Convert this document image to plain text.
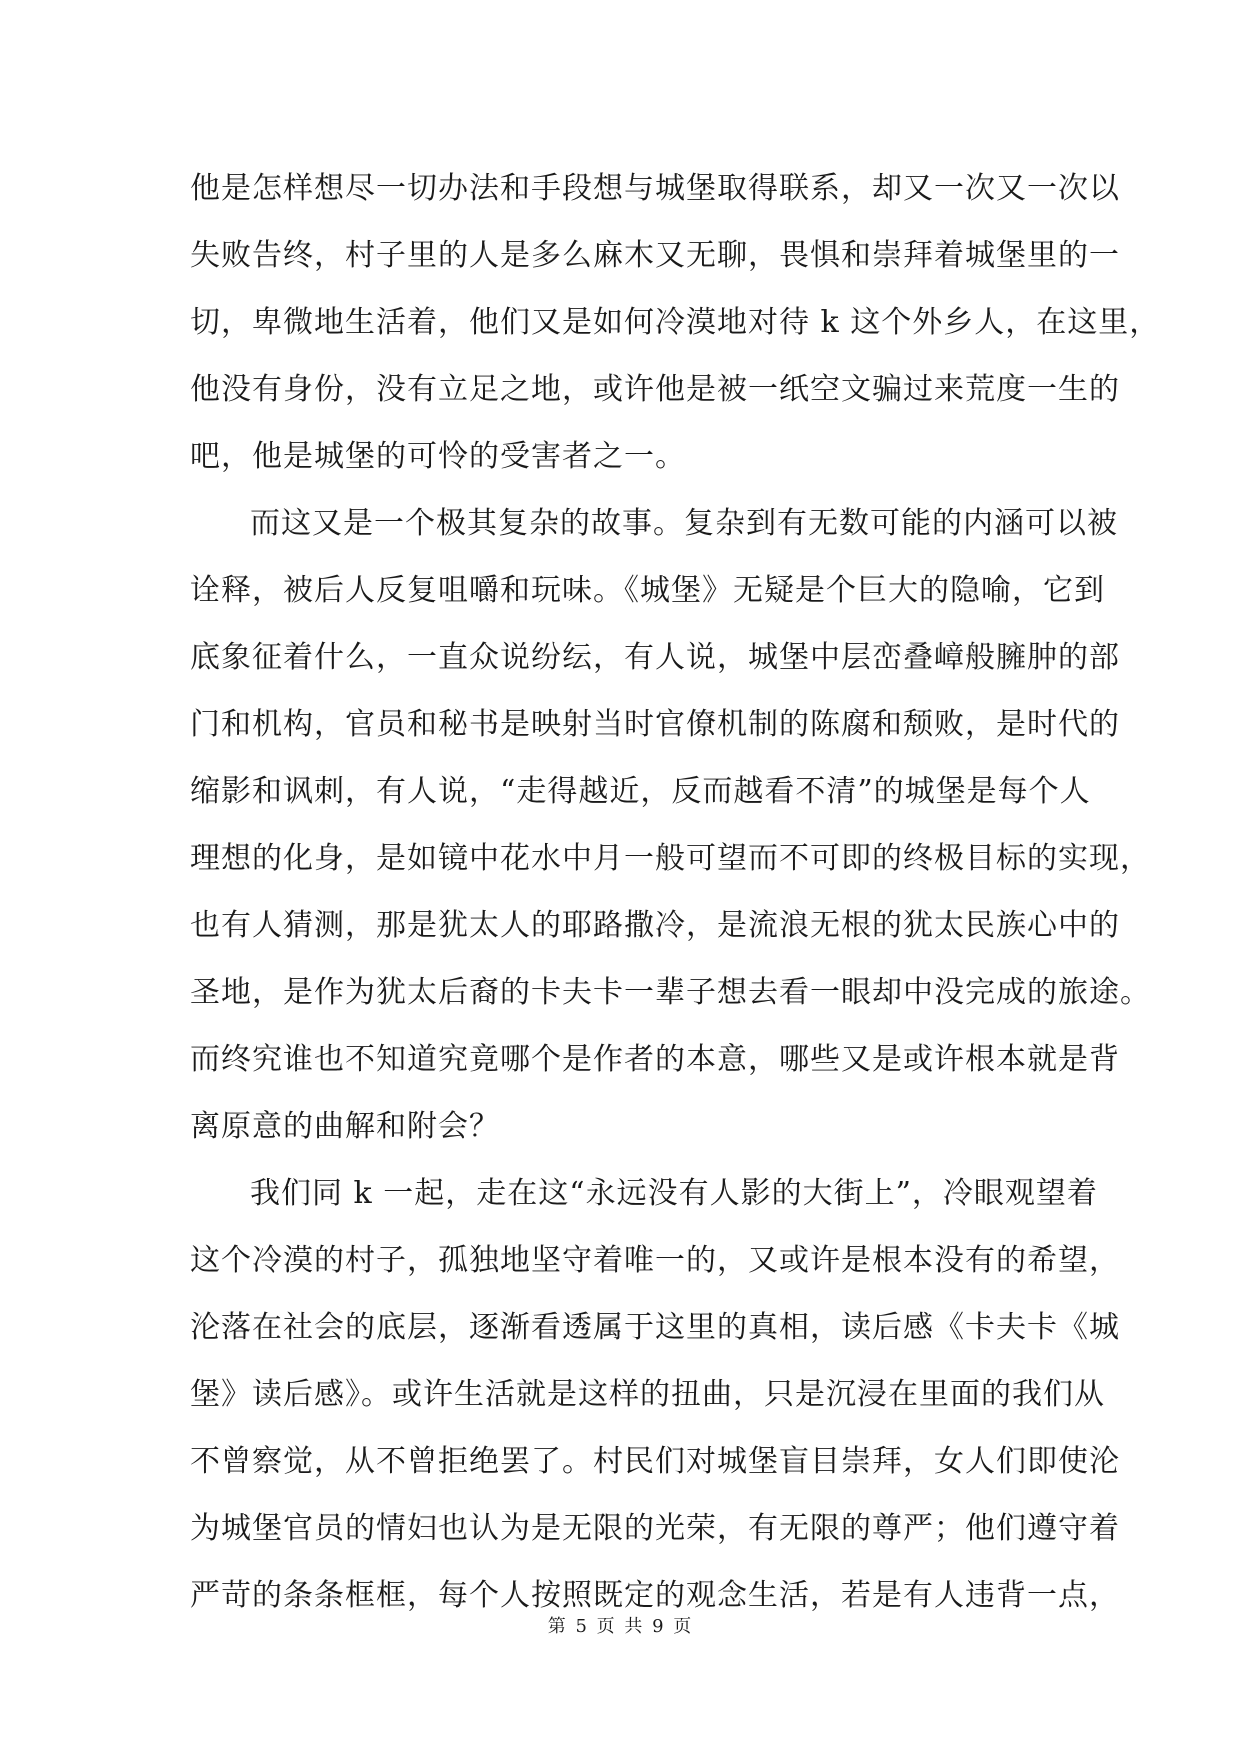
他是怎样想尽一切办法和手段想与城堡取得联系，却又一次又一次以
失败告终，村子里的人是多么麻木又无聊，畏惧和崇拜着城堡里的一
切，卑微地生活着，他们又是如何冷漠地对待 k 这个外乡人，在这里，
他没有身份，没有立足之地，或许他是被一纸空文骗过来荒度一生的
吧，他是城堡的可怜的受害者之一。
而这又是一个极其复杂的故事。复杂到有无数可能的内涵可以被
诠释，被后人反复咀嚼和玩味。《城堡》无疑是个巨大的隐喻，它到
底象征着什么，一直众说纷纭，有人说，城堡中层峦叠嶂般臃肿的部
门和机构，官员和秘书是映射当时官僚机制的陈腐和颓败，是时代的
缩影和讽刺，有人说，“走得越近，反而越看不清”的城堡是每个人
理想的化身，是如镜中花水中月一般可望而不可即的终极目标的实现，
也有人猜测，那是犹太人的耶路撒冷，是流浪无根的犹太民族心中的
圣地，是作为犹太后裔的卡夫卡一辈子想去看一眼却中没完成的旅途。
而终究谁也不知道究竟哪个是作者的本意，哪些又是或许根本就是背
离原意的曲解和附会？
我们同 k 一起，走在这“永远没有人影的大街上”，冷眼观望着
这个冷漠的村子，孤独地坚守着唯一的，又或许是根本没有的希望，
沦落在社会的底层，逐渐看透属于这里的真相，读后感《卡夫卡《城
堡》读后感》。或许生活就是这样的扭曲，只是沉浸在里面的我们从
不曾察觉，从不曾拒绝罢了。村民们对城堡盲目崇拜，女人们即使沦
为城堡官员的情妇也认为是无限的光荣，有无限的尊严；他们遵守着
严苛的条条框框，每个人按照既定的观念生活，若是有人违背一点，
第 5 页 共 9 页
